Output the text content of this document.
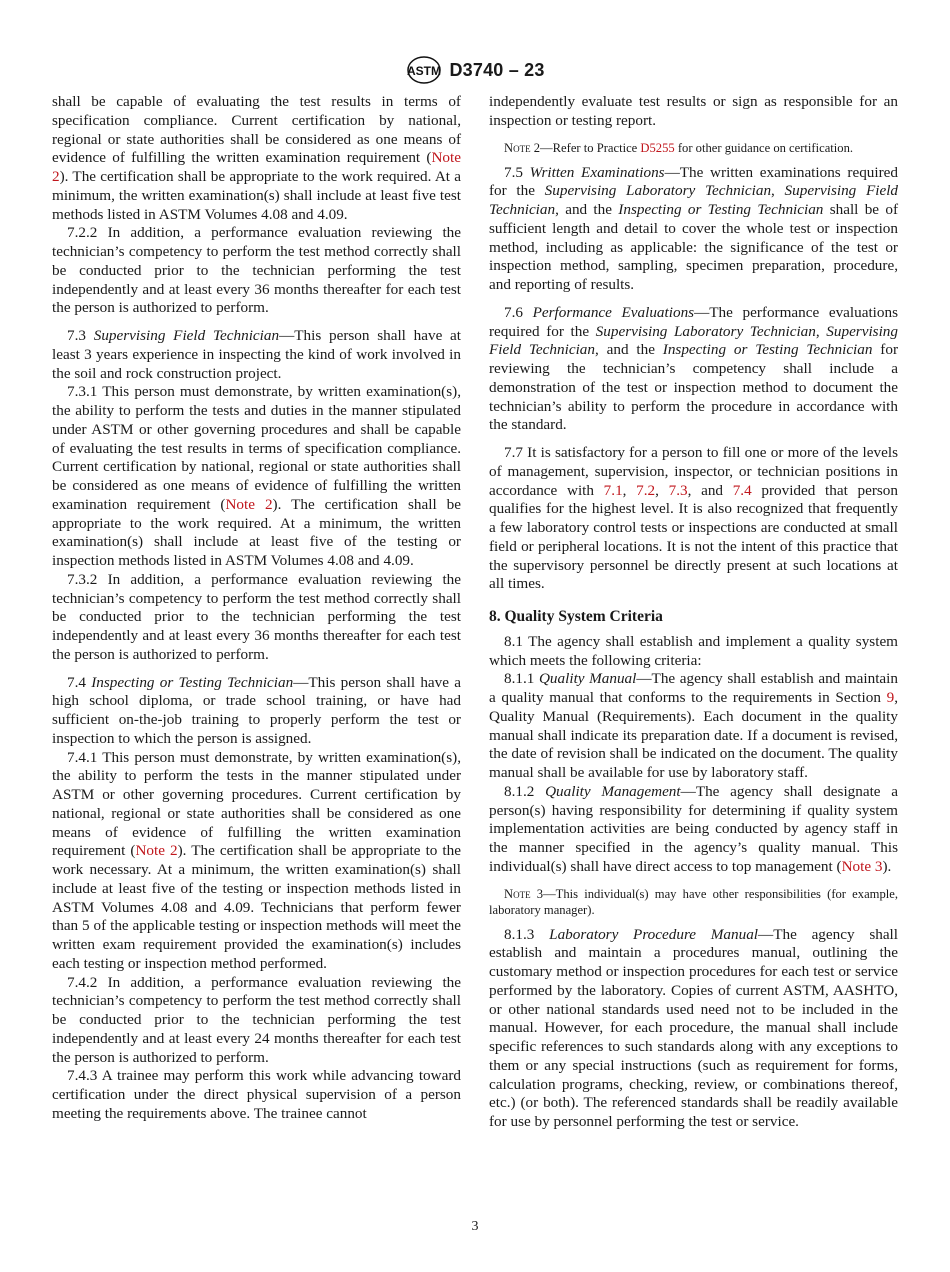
ASTM D3740 – 23

shall be capable of evaluating the test results in terms of specification compliance. Current certification by national, regional or state authorities shall be considered as one means of evidence of fulfilling the written examination requirement (Note 2). The certification shall be appropriate to the work required. At a minimum, the written examination(s) shall include at least five test methods listed in ASTM Volumes 4.08 and 4.09.

7.2.2 In addition, a performance evaluation reviewing the technician’s competency to perform the test method correctly shall be conducted prior to the technician performing the test independently and at least every 36 months thereafter for each test the person is authorized to perform.

7.3 Supervising Field Technician—This person shall have at least 3 years experience in inspecting the kind of work involved in the soil and rock construction project.

7.3.1 This person must demonstrate, by written examination(s), the ability to perform the tests and duties in the manner stipulated under ASTM or other governing procedures and shall be capable of evaluating the test results in terms of specification compliance. Current certification by national, regional or state authorities shall be considered as one means of evidence of fulfilling the written examination requirement (Note 2). The certification shall be appropriate to the work required. At a minimum, the written examination(s) shall include at least five of the testing or inspection methods listed in ASTM Volumes 4.08 and 4.09.

7.3.2 In addition, a performance evaluation reviewing the technician’s competency to perform the test method correctly shall be conducted prior to the technician performing the test independently and at least every 36 months thereafter for each test the person is authorized to perform.

7.4 Inspecting or Testing Technician—This person shall have a high school diploma, or trade school training, or have had sufficient on-the-job training to properly perform the test or inspection to which the person is assigned.

7.4.1 This person must demonstrate, by written examination(s), the ability to perform the tests in the manner stipulated under ASTM or other governing procedures. Current certification by national, regional or state authorities shall be considered as one means of evidence of fulfilling the written examination requirement (Note 2). The certification shall be appropriate to the work necessary. At a minimum, the written examination(s) shall include at least five of the testing or inspection methods listed in ASTM Volumes 4.08 and 4.09. Technicians that perform fewer than 5 of the applicable testing or inspection methods will meet the written exam requirement provided the examination(s) includes each testing or inspection method performed.

7.4.2 In addition, a performance evaluation reviewing the technician’s competency to perform the test method correctly shall be conducted prior to the technician performing the test independently and at least every 24 months thereafter for each test the person is authorized to perform.

7.4.3 A trainee may perform this work while advancing toward certification under the direct physical supervision of a person meeting the requirements above. The trainee cannot

independently evaluate test results or sign as responsible for an inspection or testing report.

Note 2—Refer to Practice D5255 for other guidance on certification.

7.5 Written Examinations—The written examinations required for the Supervising Laboratory Technician, Supervising Field Technician, and the Inspecting or Testing Technician shall be of sufficient length and detail to cover the whole test or inspection method, including as applicable: the significance of the test or inspection method, sampling, specimen preparation, procedure, and reporting of results.

7.6 Performance Evaluations—The performance evaluations required for the Supervising Laboratory Technician, Supervising Field Technician, and the Inspecting or Testing Technician for reviewing the technician’s competency shall include a demonstration of the test or inspection method to document the technician’s ability to perform the procedure in accordance with the standard.

7.7 It is satisfactory for a person to fill one or more of the levels of management, supervision, inspector, or technician positions in accordance with 7.1, 7.2, 7.3, and 7.4 provided that person qualifies for the highest level. It is also recognized that frequently a few laboratory control tests or inspections are conducted at small field or peripheral locations. It is not the intent of this practice that the supervisory personnel be directly present at such locations at all times.

8. Quality System Criteria

8.1 The agency shall establish and implement a quality system which meets the following criteria:

8.1.1 Quality Manual—The agency shall establish and maintain a quality manual that conforms to the requirements in Section 9, Quality Manual (Requirements). Each document in the quality manual shall indicate its preparation date. If a document is revised, the date of revision shall be indicated on the document. The quality manual shall be available for use by laboratory staff.

8.1.2 Quality Management—The agency shall designate a person(s) having responsibility for determining if quality system implementation activities are being conducted by agency staff in the manner specified in the agency’s quality manual. This individual(s) shall have direct access to top management (Note 3).

Note 3—This individual(s) may have other responsibilities (for example, laboratory manager).

8.1.3 Laboratory Procedure Manual—The agency shall establish and maintain a procedures manual, outlining the customary method or inspection procedures for each test or service performed by the laboratory. Copies of current ASTM, AASHTO, or other national standards used need not to be included in the manual. However, for each procedure, the manual shall include specific references to such standards along with any exceptions to them or any special instructions (such as requirement for forms, calculation programs, checking, review, or combinations thereof, etc.) (or both). The referenced standards shall be readily available for use by personnel performing the test or service.

3
